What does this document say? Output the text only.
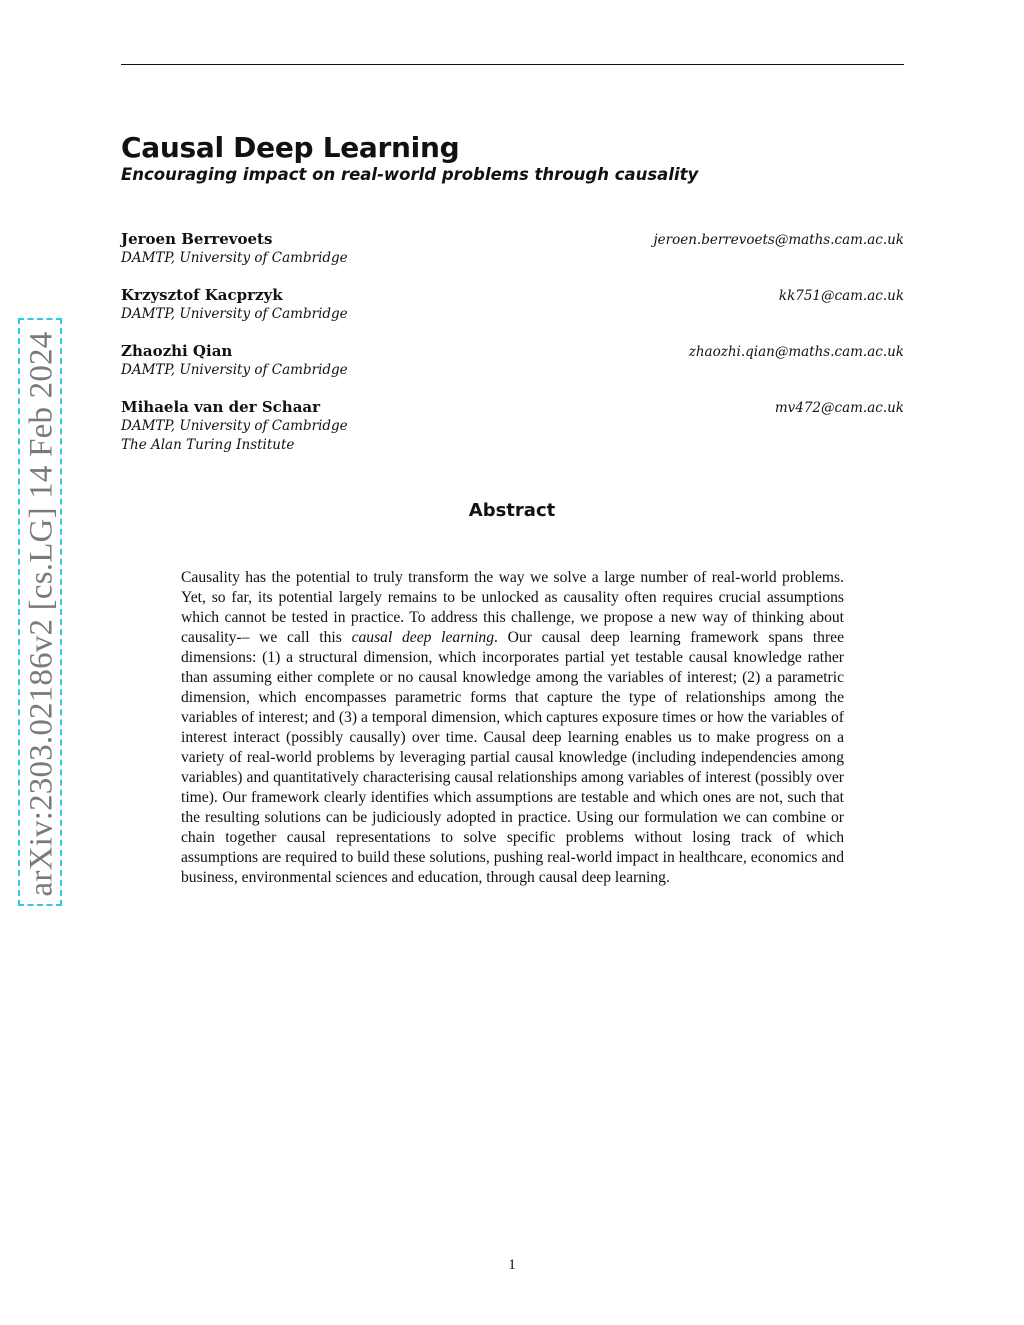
Causal Deep Learning
Encouraging impact on real-world problems through causality
Jeroen Berrevoets	jeroen.berrevoets@maths.cam.ac.uk
DAMTP, University of Cambridge
Krzysztof Kacprzyk	kk751@cam.ac.uk
DAMTP, University of Cambridge
Zhaozhi Qian	zhaozhi.qian@maths.cam.ac.uk
DAMTP, University of Cambridge
Mihaela van der Schaar	mv472@cam.ac.uk
DAMTP, University of Cambridge
The Alan Turing Institute
Abstract

Causality has the potential to truly transform the way we solve a large number of real-world problems. Yet, so far, its potential largely remains to be unlocked as causality often requires crucial assumptions which cannot be tested in practice. To address this challenge, we propose a new way of thinking about causality-– we call this causal deep learning. Our causal deep learning framework spans three dimensions: (1) a structural dimension, which incorporates partial yet testable causal knowledge rather than assuming either complete or no causal knowledge among the variables of interest; (2) a parametric dimension, which encompasses parametric forms that capture the type of relationships among the variables of interest; and (3) a temporal dimension, which captures exposure times or how the variables of interest interact (possibly causally) over time. Causal deep learning enables us to make progress on a variety of real-world problems by leveraging partial causal knowledge (including independencies among variables) and quantitatively characterising causal relationships among variables of interest (possibly over time). Our framework clearly identifies which assumptions are testable and which ones are not, such that the resulting solutions can be judiciously adopted in practice. Using our formulation we can combine or chain together causal representations to solve specific problems without losing track of which assumptions are required to build these solutions, pushing real-world impact in healthcare, economics and business, environmental sciences and education, through causal deep learning.

1
arXiv:2303.02186v2 [cs.LG] 14 Feb 2024
